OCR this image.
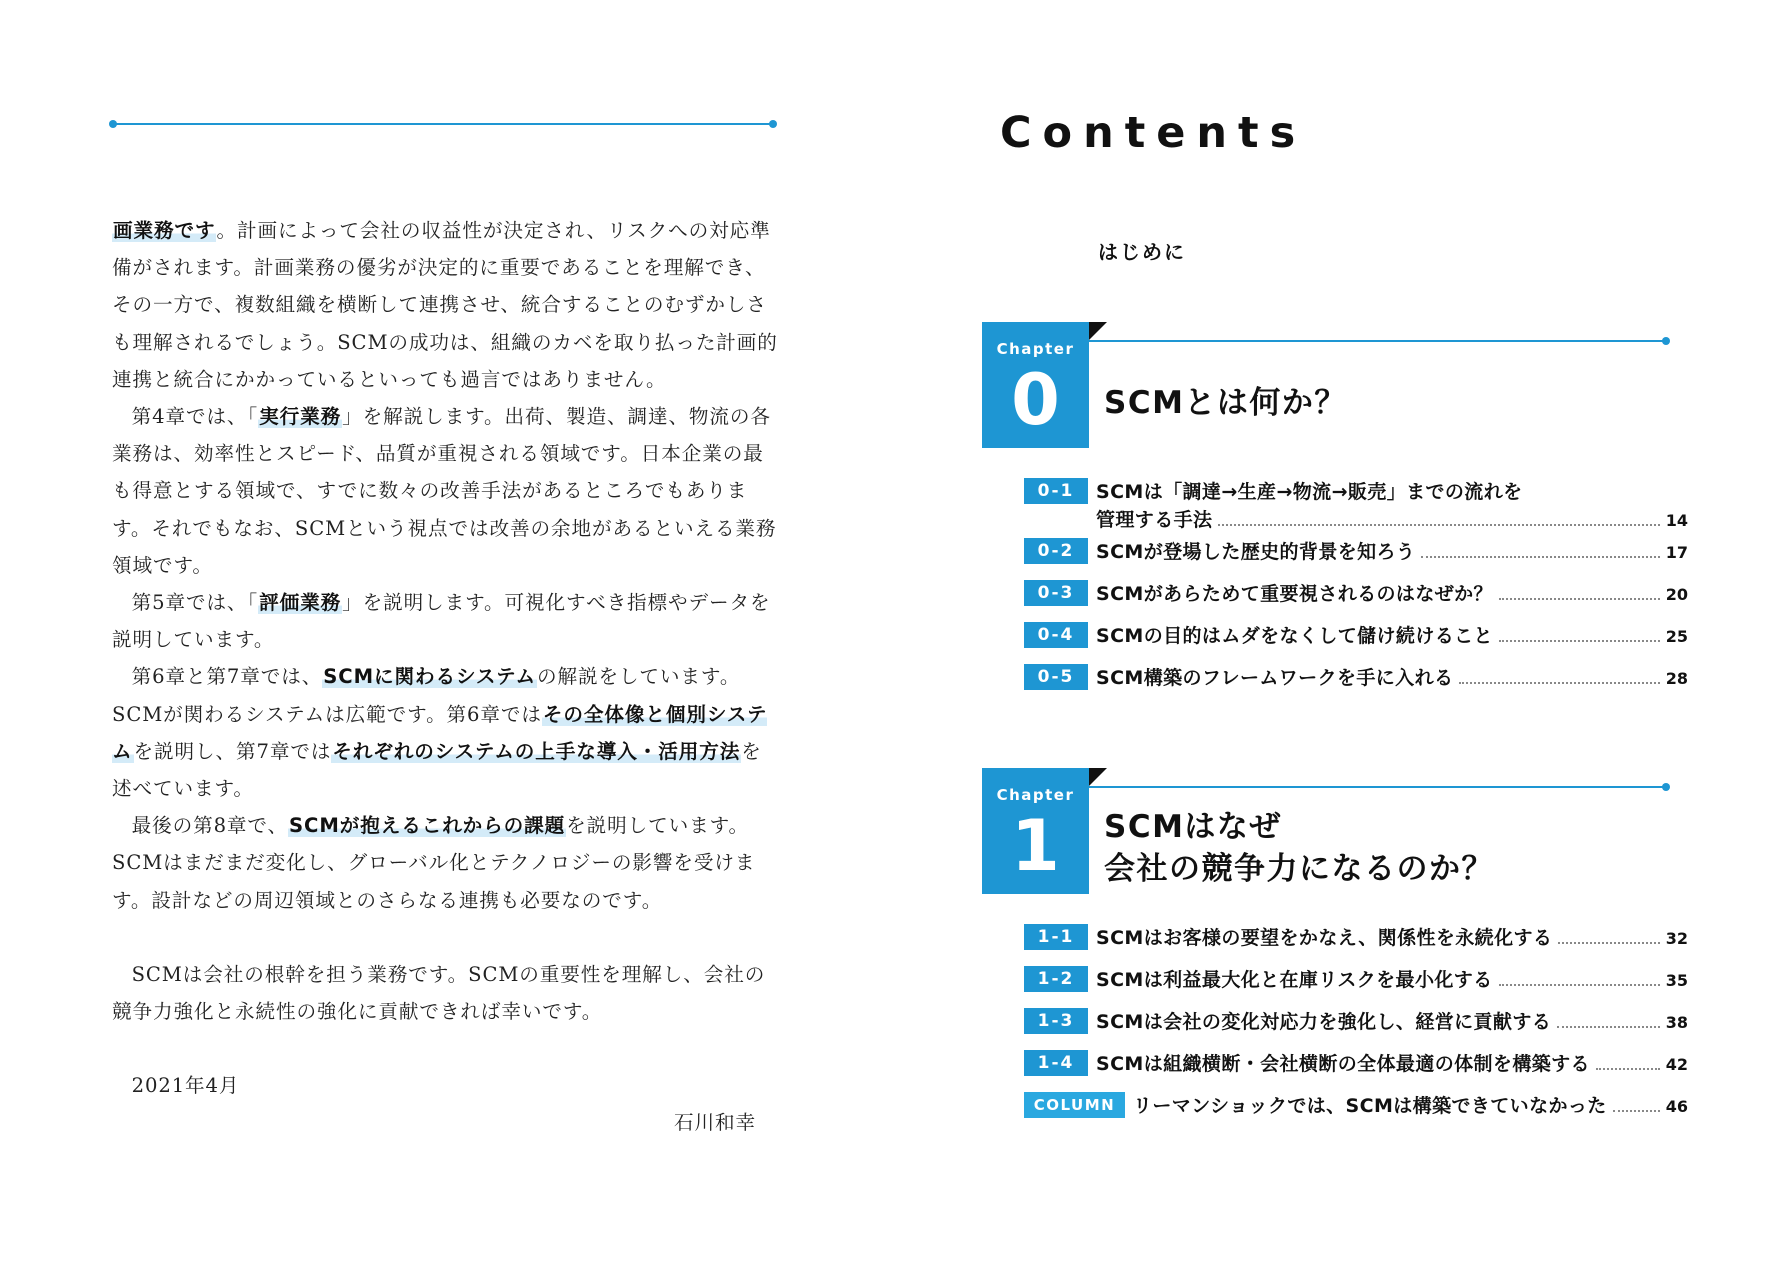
画業務です。計画によって会社の収益性が決定され、リスクへの対応準備がされます。計画業務の優劣が決定的に重要であることを理解でき、その一方で、複数組織を横断して連携させ、統合することのむずかしさも理解されるでしょう。SCMの成功は、組織のカベを取り払った計画的連携と統合にかかっているといっても過言ではありません。

第4章では、「実行業務」を解説します。出荷、製造、調達、物流の各業務は、効率性とスピード、品質が重視される領域です。日本企業の最も得意とする領域で、すでに数々の改善手法があるところでもあります。それでもなお、SCMという視点では改善の余地があるといえる業務領域です。

第5章では、「評価業務」を説明します。可視化すべき指標やデータを説明しています。

第6章と第7章では、SCMに関わるシステムの解説をしています。SCMが関わるシステムは広範です。第6章ではその全体像と個別システムを説明し、第7章ではそれぞれのシステムの上手な導入・活用方法を述べています。

最後の第8章で、SCMが抱えるこれからの課題を説明しています。SCMはまだまだ変化し、グローバル化とテクノロジーの影響を受けます。設計などの周辺領域とのさらなる連携も必要なのです。

SCMは会社の根幹を担う業務です。SCMの重要性を理解し、会社の競争力強化と永続性の強化に貢献できれば幸いです。

2021年4月

石川和幸

Contents
はじめに
Chapter
0	SCMとは何か？
0-1	SCMは「調達→生産→物流→販売」までの流れを
管理する手法	14
0-2	SCMが登場した歴史的背景を知ろう	17
0-3	SCMがあらためて重要視されるのはなぜか？	20
0-4	SCMの目的はムダをなくして儲け続けること	25
0-5	SCM構築のフレームワークを手に入れる	28
Chapter
1	SCMはなぜ
会社の競争力になるのか？
1-1	SCMはお客様の要望をかなえ、関係性を永続化する	32
1-2	SCMは利益最大化と在庫リスクを最小化する	35
1-3	SCMは会社の変化対応力を強化し、経営に貢献する	38
1-4	SCMは組織横断・会社横断の全体最適の体制を構築する	42
COLUMN リーマンショックでは、SCMは構築できていなかった	46
